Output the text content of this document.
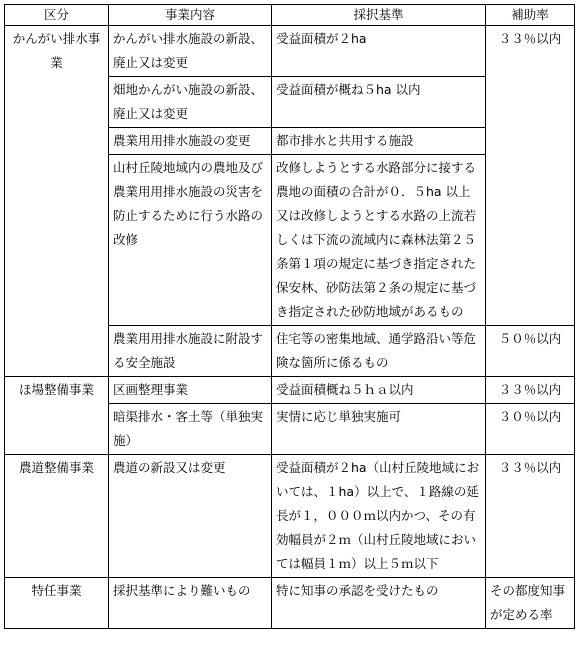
区分	事業内容	採択基準	補助率
かんがい排水事業	かんがい排水施設の新設、廃止又は変更	受益面積が２ha	３３％以内
	畑地かんがい施設の新設、廃止又は変更	受益面積が概ね５ha 以内	
	農業用用排水施設の変更	都市排水と共用する施設	
	山村丘陵地域内の農地及び農業用用排水施設の災害を防止するために行う水路の改修	改修しようとする水路部分に接する農地の面積の合計が０．５ha 以上又は改修しようとする水路の上流若しくは下流の流域内に森林法第２５条第１項の規定に基づき指定された保安林、砂防法第２条の規定に基づき指定された砂防地域があるもの	
	農業用用排水施設に附設する安全施設	住宅等の密集地域、通学路沿い等危険な箇所に係るもの	５０％以内
ほ場整備事業	区画整理事業	受益面積概ね５ｈａ以内	３３％以内
	暗渠排水・客土等（単独実施）	実情に応じ単独実施可	３０％以内
農道整備事業	農道の新設又は変更	受益面積が２ha（山村丘陵地域においては、１ha）以上で、１路線の延長が１，０００ｍ以内かつ、その有効幅員が２ｍ（山村丘陵地域においては幅員１ｍ）以上５ｍ以下	３３％以内
特任事業	採択基準により難いもの	特に知事の承認を受けたもの	その都度知事が定める率
